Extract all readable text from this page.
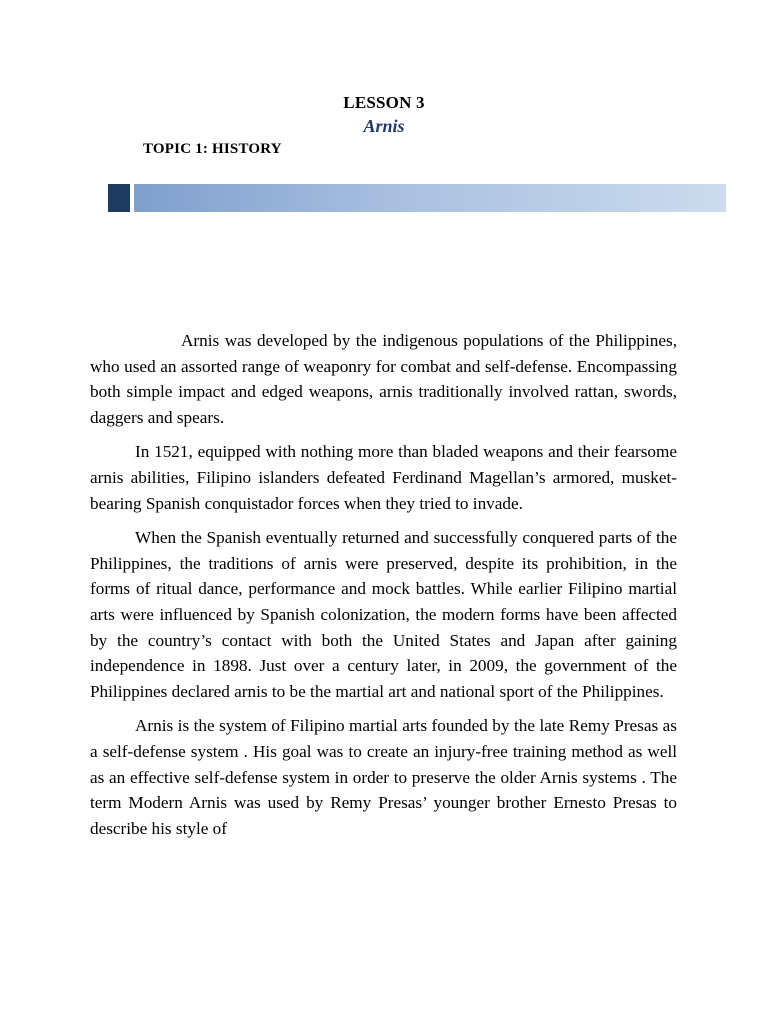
LESSON 3
Arnis
TOPIC 1: HISTORY

Arnis was developed by the indigenous populations of the Philippines, who used an assorted range of weaponry for combat and self-defense. Encompassing both simple impact and edged weapons, arnis traditionally involved rattan, swords, daggers and spears.

In 1521, equipped with nothing more than bladed weapons and their fearsome arnis abilities, Filipino islanders defeated Ferdinand Magellan’s armored, musket-bearing Spanish conquistador forces when they tried to invade.

When the Spanish eventually returned and successfully conquered parts of the Philippines, the traditions of arnis were preserved, despite its prohibition, in the forms of ritual dance, performance and mock battles. While earlier Filipino martial arts were influenced by Spanish colonization, the modern forms have been affected by the country’s contact with both the United States and Japan after gaining independence in 1898. Just over a century later, in 2009, the government of the Philippines declared arnis to be the martial art and national sport of the Philippines.

Arnis is the system of Filipino martial arts founded by the late Remy Presas as a self-defense system . His goal was to create an injury-free training method as well as an effective self-defense system in order to preserve the older Arnis systems . The term Modern Arnis was used by Remy Presas’ younger brother Ernesto Presas to describe his style of
